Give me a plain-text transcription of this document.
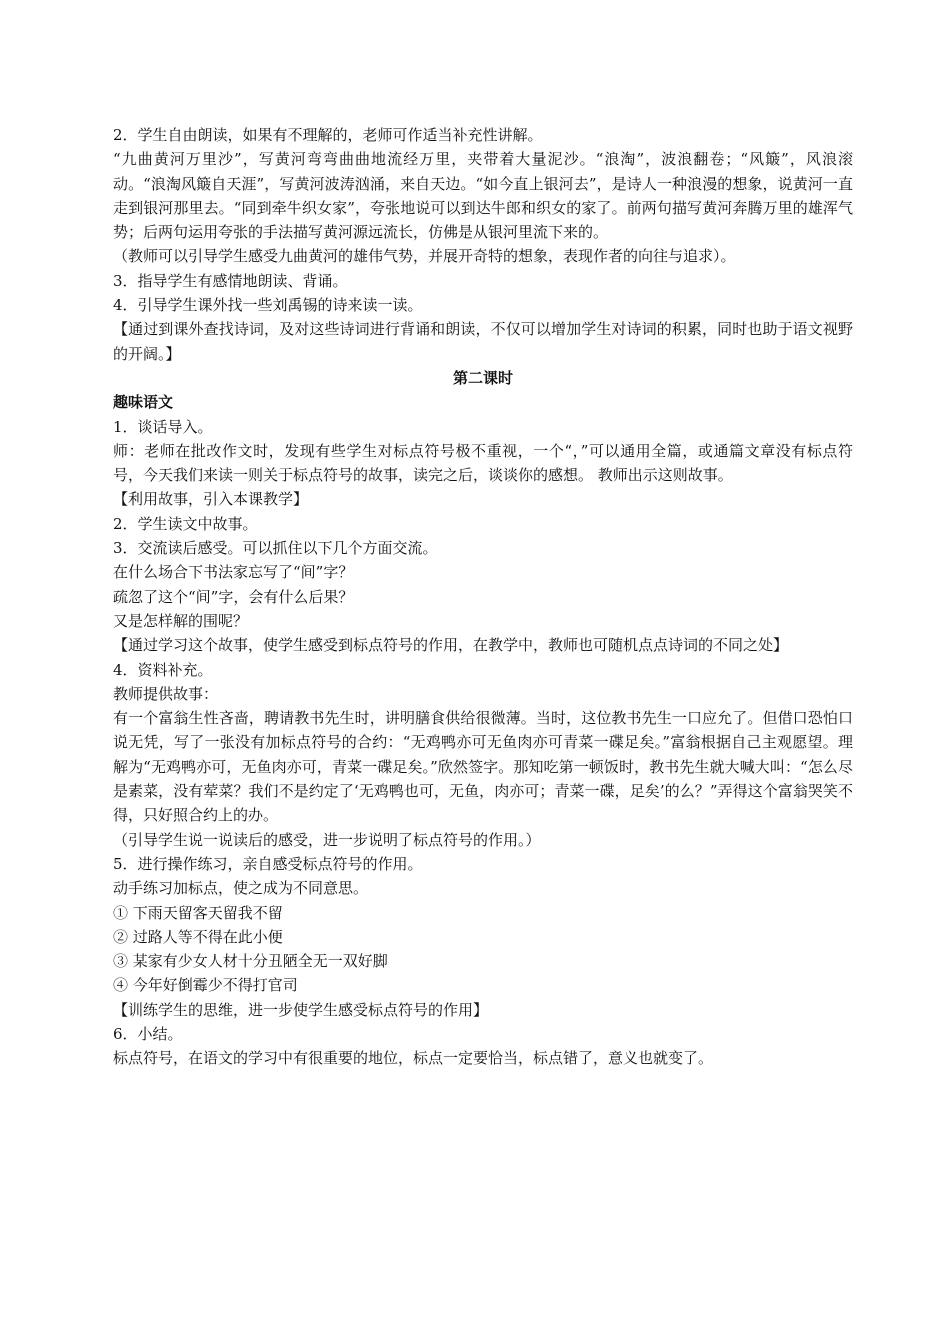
2．学生自由朗读，如果有不理解的，老师可作适当补充性讲解。

“九曲黄河万里沙”，写黄河弯弯曲曲地流经万里，夹带着大量泥沙。“浪淘”，波浪翻卷；“风簸”，风浪滚动。“浪淘风簸自天涯”，写黄河波涛汹涌，来自天边。“如今直上银河去”，是诗人一种浪漫的想象，说黄河一直走到银河那里去。“同到牵牛织女家”，夸张地说可以到达牛郎和织女的家了。前两句描写黄河奔腾万里的雄浑气势；后两句运用夸张的手法描写黄河源远流长，仿佛是从银河里流下来的。

（教师可以引导学生感受九曲黄河的雄伟气势，并展开奇特的想象，表现作者的向往与追求）。

3．指导学生有感情地朗读、背诵。

4．引导学生课外找一些刘禹锡的诗来读一读。

【通过到课外查找诗词，及对这些诗词进行背诵和朗读，不仅可以增加学生对诗词的积累，同时也助于语文视野的开阔。】

第二课时

趣味语文

1．谈话导入。

师：老师在批改作文时，发现有些学生对标点符号极不重视，一个“，”可以通用全篇，或通篇文章没有标点符号，今天我们来读一则关于标点符号的故事，读完之后，谈谈你的感想。 教师出示这则故事。

【利用故事，引入本课教学】

2．学生读文中故事。

3．交流读后感受。可以抓住以下几个方面交流。

在什么场合下书法家忘写了“间”字？

疏忽了这个“间”字，会有什么后果？

又是怎样解的围呢？

【通过学习这个故事，使学生感受到标点符号的作用，在教学中，教师也可随机点点诗词的不同之处】

4．资料补充。

教师提供故事：

有一个富翁生性吝啬，聘请教书先生时，讲明膳食供给很微薄。当时，这位教书先生一口应允了。但借口恐怕口说无凭，写了一张没有加标点符号的合约：“无鸡鸭亦可无鱼肉亦可青菜一碟足矣。”富翁根据自己主观愿望。理解为“无鸡鸭亦可，无鱼肉亦可，青菜一碟足矣。”欣然签字。那知吃第一顿饭时，教书先生就大喊大叫：“怎么尽是素菜，没有荤菜？我们不是约定了‘无鸡鸭也可，无鱼，肉亦可；青菜一碟，足矣’的么？”弄得这个富翁哭笑不得，只好照合约上的办。

（引导学生说一说读后的感受，进一步说明了标点符号的作用。）

5．进行操作练习，亲自感受标点符号的作用。

动手练习加标点，使之成为不同意思。

① 下雨天留客天留我不留

② 过路人等不得在此小便

③ 某家有少女人材十分丑陋全无一双好脚

④ 今年好倒霉少不得打官司

【训练学生的思维，进一步使学生感受标点符号的作用】

6．小结。

标点符号，在语文的学习中有很重要的地位，标点一定要恰当，标点错了，意义也就变了。
